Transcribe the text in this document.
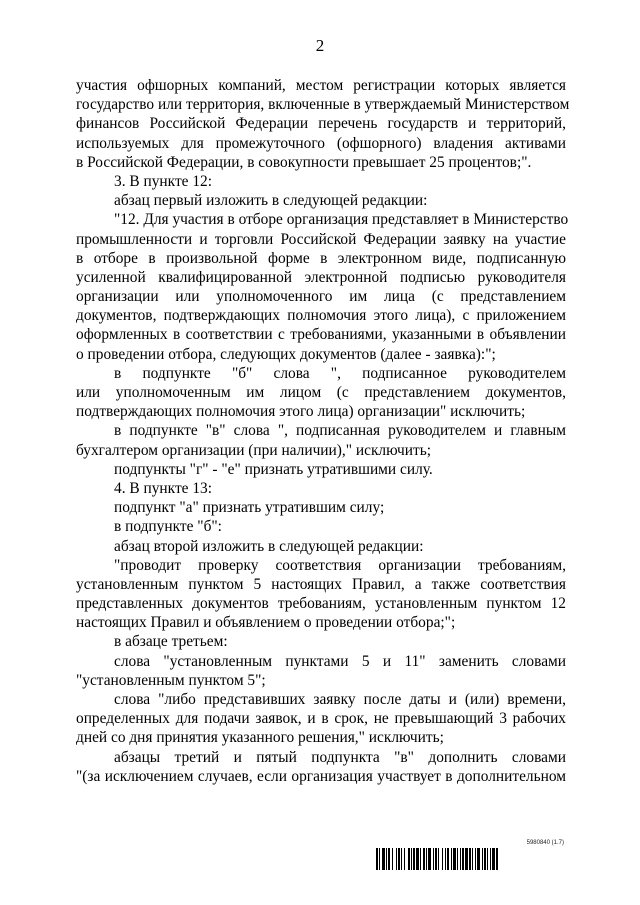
2
участия офшорных компаний, местом регистрации которых является
государство или территория, включенные в утверждаемый Министерством
финансов Российской Федерации перечень государств и территорий,
используемых для промежуточного (офшорного) владения активами
в Российской Федерации, в совокупности превышает 25 процентов;".
3. В пункте 12:
абзац первый изложить в следующей редакции:
"12. Для участия в отборе организация представляет в Министерство
промышленности и торговли Российской Федерации заявку на участие
в отборе в произвольной форме в электронном виде, подписанную
усиленной квалифицированной электронной подписью руководителя
организации или уполномоченного им лица (с представлением
документов, подтверждающих полномочия этого лица), с приложением
оформленных в соответствии с требованиями, указанными в объявлении
о проведении отбора, следующих документов (далее - заявка):";
в подпункте "б" слова ", подписанное руководителем
или уполномоченным им лицом (с представлением документов,
подтверждающих полномочия этого лица) организации" исключить;
в подпункте "в" слова ", подписанная руководителем и главным
бухгалтером организации (при наличии)," исключить;
подпункты "г" - "е" признать утратившими силу.
4. В пункте 13:
подпункт "а" признать утратившим силу;
в подпункте "б":
абзац второй изложить в следующей редакции:
"проводит проверку соответствия организации требованиям,
установленным пунктом 5 настоящих Правил, а также соответствия
представленных документов требованиям, установленным пунктом 12
настоящих Правил и объявлением о проведении отбора;";
в абзаце третьем:
слова "установленным пунктами 5 и 11" заменить словами
"установленным пунктом 5";
слова "либо представивших заявку после даты и (или) времени,
определенных для подачи заявок, и в срок, не превышающий 3 рабочих
дней со дня принятия указанного решения," исключить;
абзацы третий и пятый подпункта "в" дополнить словами
"(за исключением случаев, если организация участвует в дополнительном
5980840 (1.7)
